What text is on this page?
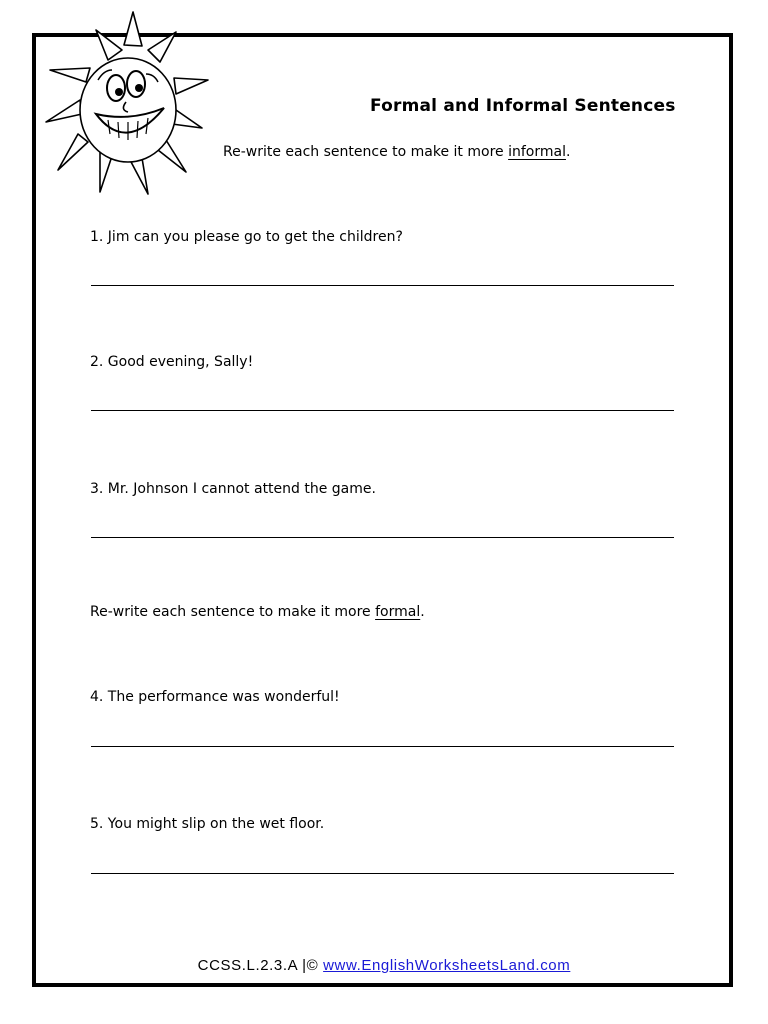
Formal and Informal Sentences
Re-write each sentence to make it more informal.
1. Jim can you please go to get the children?
2. Good evening, Sally!
3. Mr. Johnson I cannot attend the game.
Re-write each sentence to make it more formal.
4. The performance was wonderful!
5. You might slip on the wet floor.
CCSS.L.2.3.A |© www.EnglishWorksheetsLand.com
